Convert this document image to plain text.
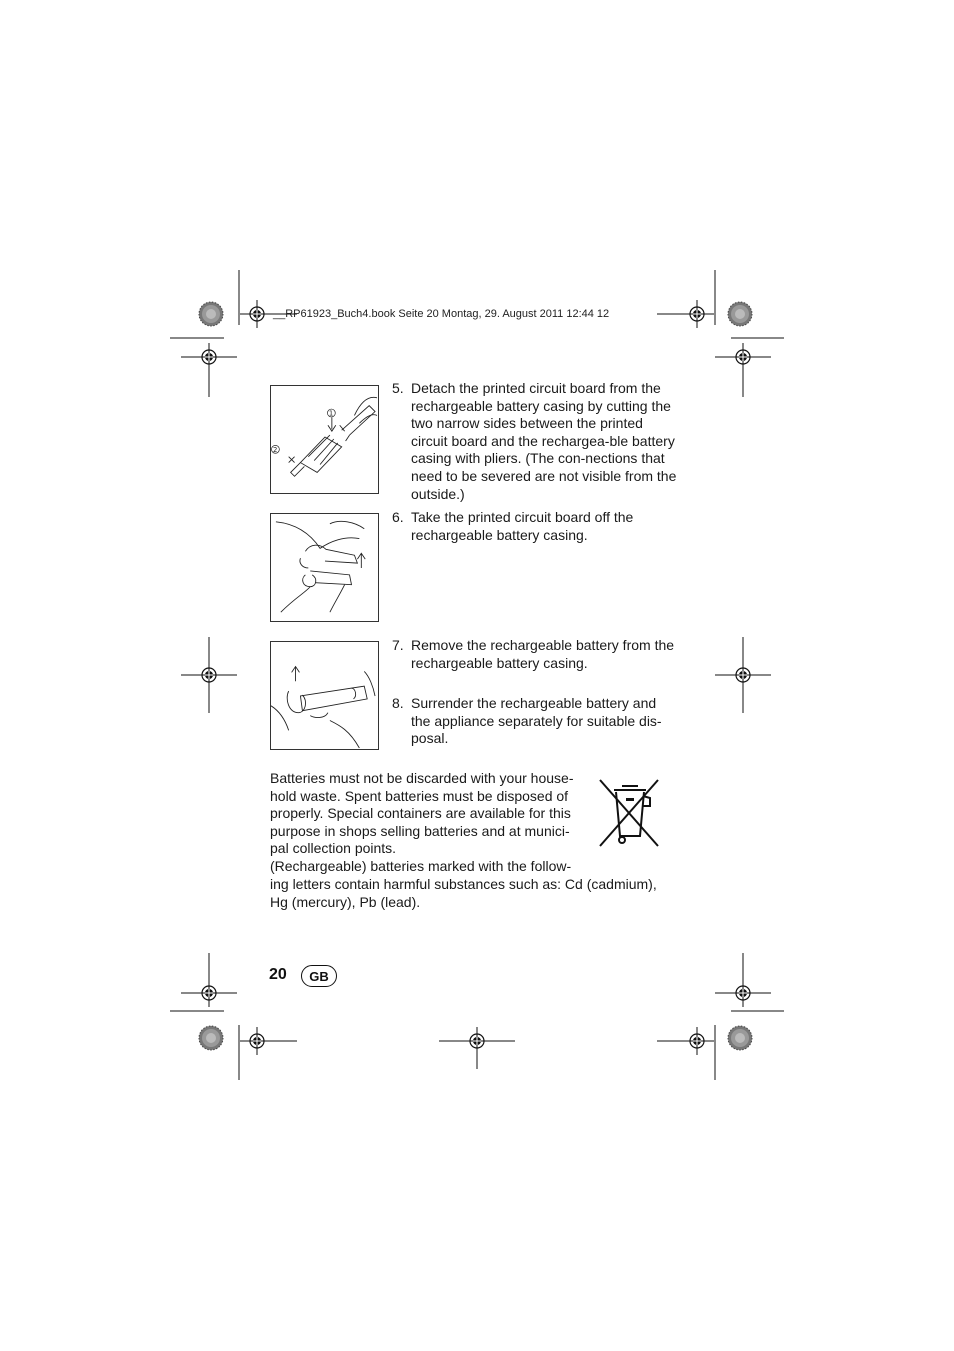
__RP61923_Buch4.book Seite 20 Montag, 29. August 2011 12:44 12
1
2
5. Detach the printed circuit board from the rechargeable battery casing by cutting the two narrow sides between the printed circuit board and the rechargea-ble battery casing with pliers. (The con-nections that need to be severed are not visible from the outside.)
6. Take the printed circuit board off the rechargeable battery casing.
7. Remove the rechargeable battery from the rechargeable battery casing.
8. Surrender the rechargeable battery and the appliance separately for suitable dis-posal.
Batteries must not be discarded with your house-hold waste. Spent batteries must be disposed of properly. Special containers are available for this purpose in shops selling batteries and at munici-pal collection points.
(Rechargeable) batteries marked with the follow-
ing letters contain harmful substances such as: Cd (cadmium), Hg (mercury), Pb (lead).
20	GB
